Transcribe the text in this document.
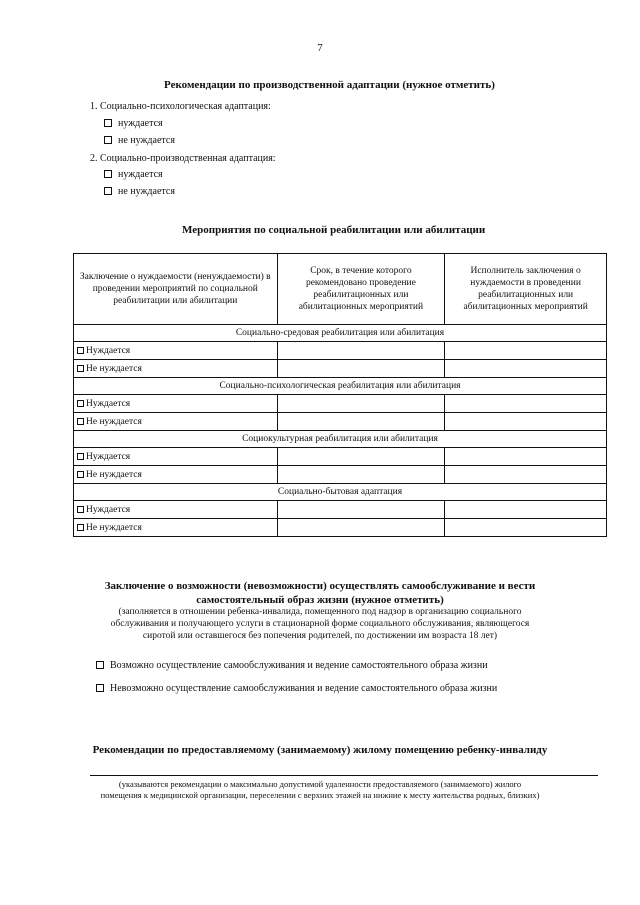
7
Рекомендации по производственной адаптации (нужное отметить)
1. Социально-психологическая адаптация:
нуждается
не нуждается
2. Социально-производственная адаптация:
нуждается
не нуждается
Мероприятия по социальной реабилитации или абилитации
Заключение о нуждаемости (ненуждаемости) в проведении мероприятий по социальной реабилитации или абилитации	Срок, в течение которого рекомендовано проведение реабилитационных или абилитационных мероприятий	Исполнитель заключения о нуждаемости в проведении реабилитационных или абилитационных мероприятий
Социально-средовая реабилитация или абилитация		
Нуждается		
Не нуждается		
Социально-психологическая реабилитация или абилитация		
Нуждается		
Не нуждается		
Социокультурная реабилитация или абилитация		
Нуждается		
Не нуждается		
Социально-бытовая адаптация		
Нуждается		
Не нуждается		
Заключение о возможности (невозможности) осуществлять самообслуживание и вести
самостоятельный образ жизни (нужное отметить)
(заполняется в отношении ребенка-инвалида, помещенного под надзор в организацию социального
обслуживания и получающего услуги в стационарной форме социального обслуживания, являющегося
сиротой или оставшегося без попечения родителей, по достижении им возраста 18 лет)
Возможно осуществление самообслуживания и ведение самостоятельного образа жизни
Невозможно осуществление самообслуживания и ведение самостоятельного образа жизни
Рекомендации по предоставляемому (занимаемому) жилому помещению ребенку-инвалиду
(указываются рекомендации о максимально допустимой удаленности предоставляемого (занимаемого) жилого
помещения к медицинской организации, переселении с верхних этажей на нижние к месту жительства родных, близких)
